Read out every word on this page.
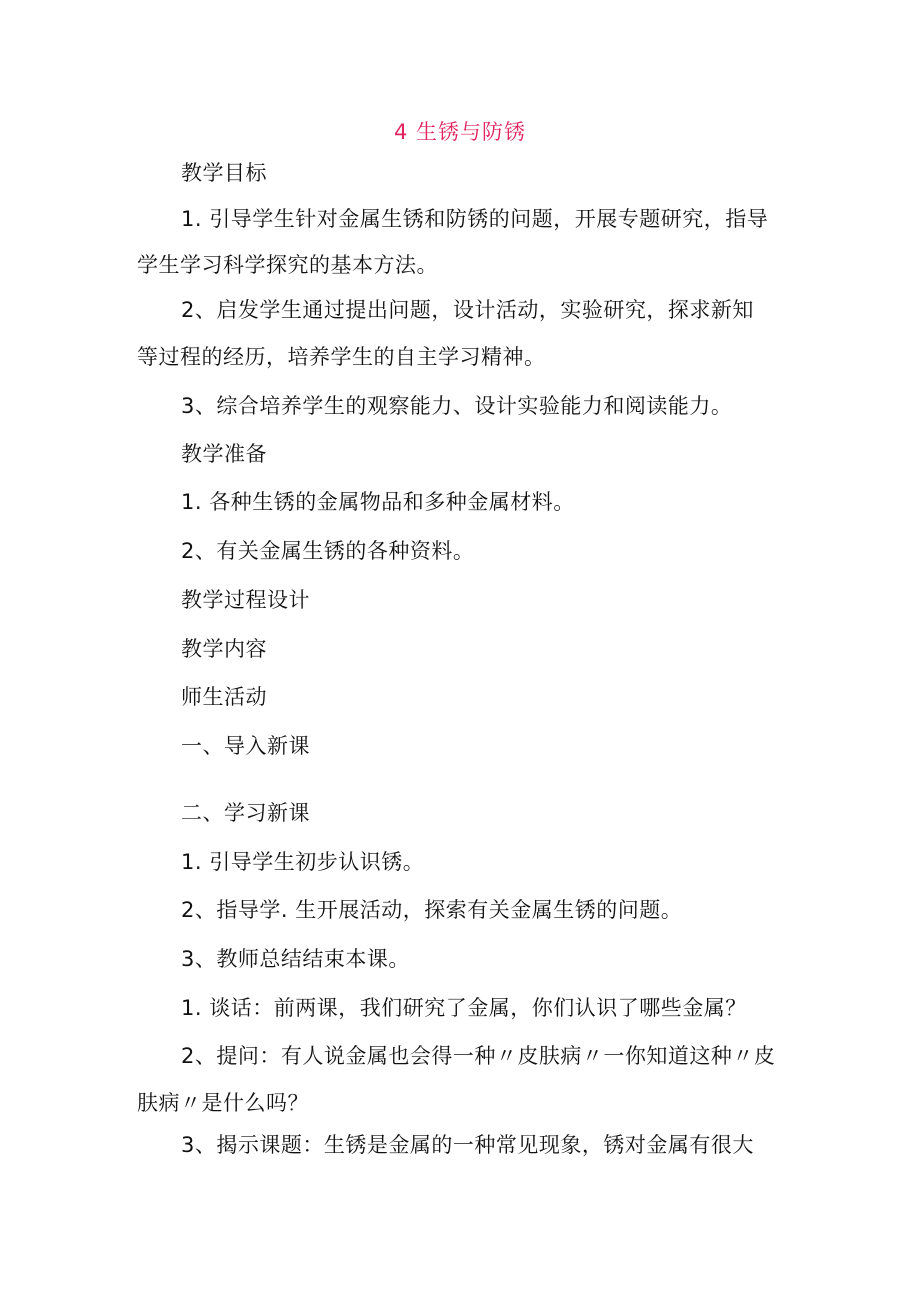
4 生锈与防锈
教学目标
1. 引导学生针对金属生锈和防锈的问题，开展专题研究，指导
学生学习科学探究的基本方法。
2、启发学生通过提出问题，设计活动，实验研究，探求新知
等过程的经历，培养学生的自主学习精神。
3、综合培养学生的观察能力、设计实验能力和阅读能力。
教学准备
1. 各种生锈的金属物品和多种金属材料。
2、有关金属生锈的各种资料。
教学过程设计
教学内容
师生活动
一、导入新课
二、学习新课
1. 引导学生初步认识锈。
2、指导学. 生开展活动，探索有关金属生锈的问题。
3、教师总结结束本课。
1. 谈话：前两课，我们研究了金属，你们认识了哪些金属？
2、提问：有人说金属也会得一种〃皮肤病〃一你知道这种〃皮
肤病〃是什么吗？
3、揭示课题：生锈是金属的一种常见现象，锈对金属有很大
